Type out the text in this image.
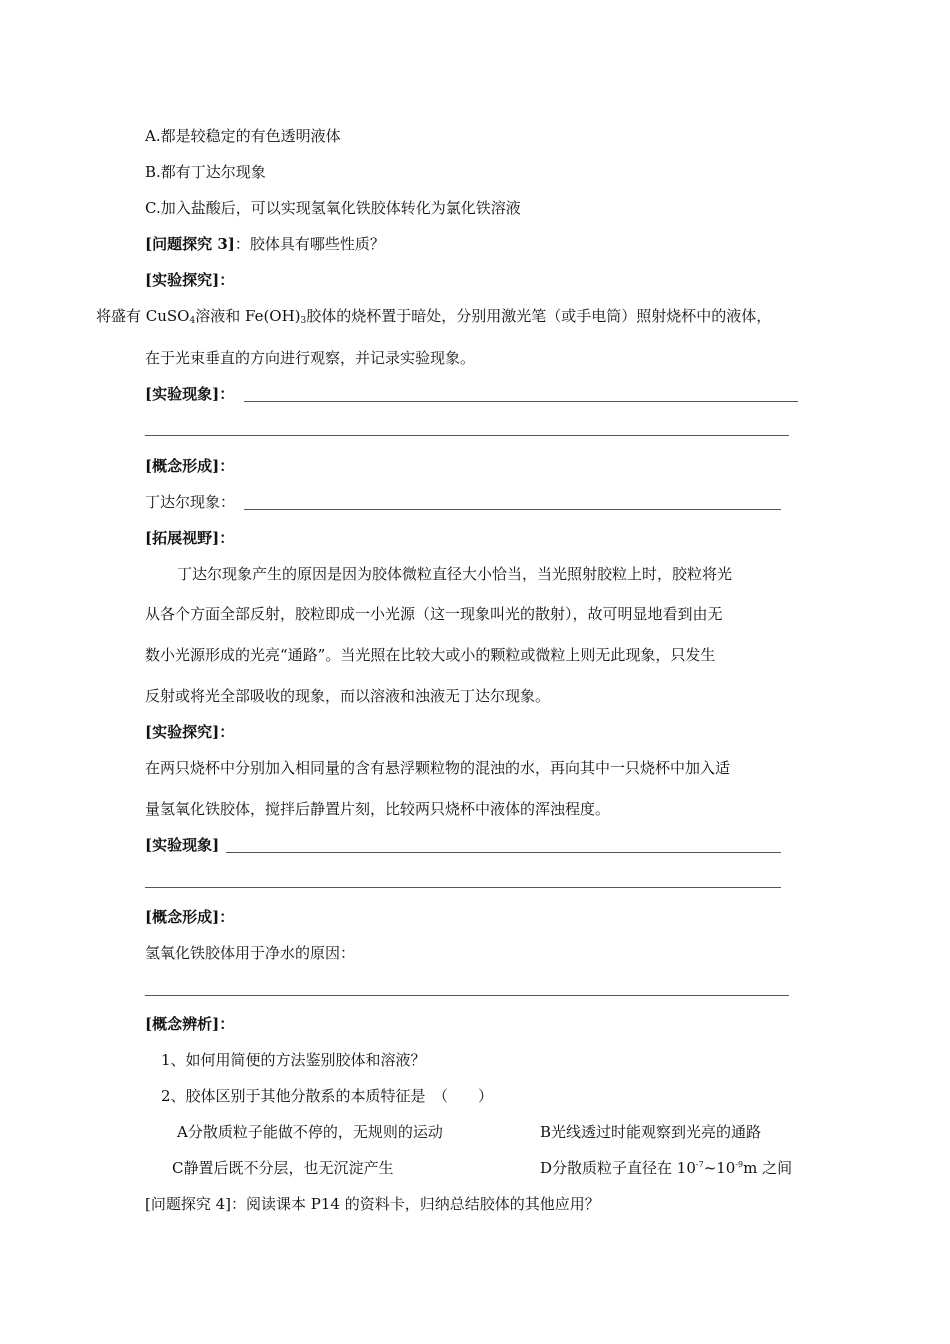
A.都是较稳定的有色透明液体
B.都有丁达尔现象
C.加入盐酸后，可以实现氢氧化铁胶体转化为氯化铁溶液
[问题探究 3]：胶体具有哪些性质？
[实验探究]：
将盛有 CuSO$_4$溶液和 $Fe(OH)_3$胶体的烧杯置于暗处，分别用激光笔（或手电筒）照射烧杯中的液体，
在于光束垂直的方向进行观察，并记录实验现象。
[实验现象]：
[概念形成]：
丁达尔现象：
[拓展视野]：
丁达尔现象产生的原因是因为胶体微粒直径大小恰当，当光照射胶粒上时，胶粒将光
从各个方面全部反射，胶粒即成一小光源（这一现象叫光的散射），故可明显地看到由无
数小光源形成的光亮“通路”。当光照在比较大或小的颗粒或微粒上则无此现象，只发生
反射或将光全部吸收的现象，而以溶液和浊液无丁达尔现象。
[实验探究]：
在两只烧杯中分别加入相同量的含有悬浮颗粒物的混浊的水，再向其中一只烧杯中加入适
量氢氧化铁胶体，搅拌后静置片刻，比较两只烧杯中液体的浑浊程度。
[实验现象]
[概念形成]：
氢氧化铁胶体用于净水的原因：
[概念辨析]：
1、如何用简便的方法鉴别胶体和溶液？
2、胶体区别于其他分散系的本质特征是　（　　）
A分散质粒子能做不停的，无规则的运动	B光线透过时能观察到光亮的通路
C静置后既不分层，也无沉淀产生	D分散质粒子直径在 $10^{-7}\sim 10^{-9}m$ 之间
[问题探究 4]：阅读课本 P14 的资料卡，归纳总结胶体的其他应用？
